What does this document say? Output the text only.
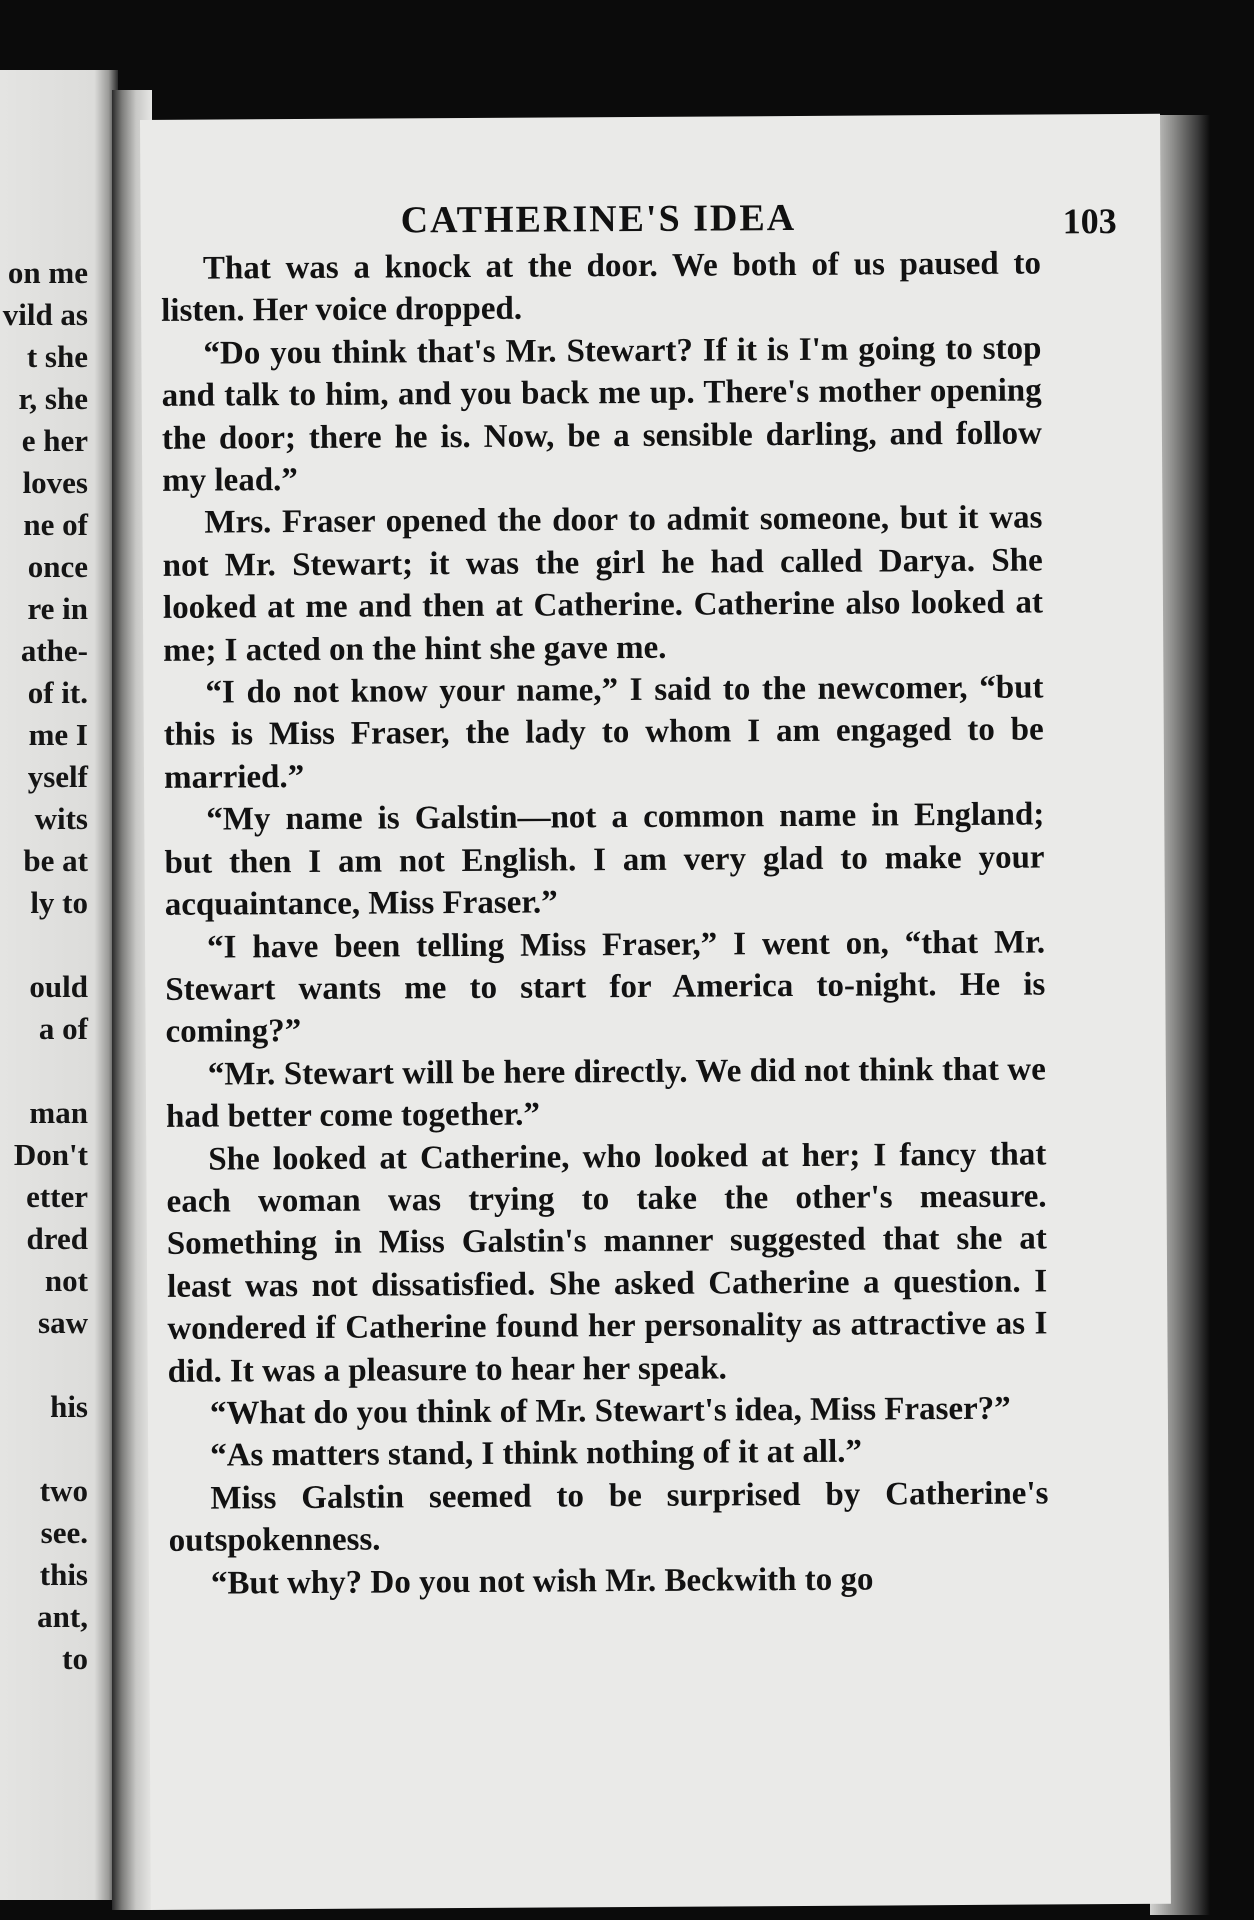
on me
vild as
t she
r, she
e her
loves
ne of
once
re in
athe-
of it.
me I
yself
wits
be at
ly to
ould
a of
man
Don't
etter
dred
not
saw
his
two
see.
this
ant,
to
CATHERINE'S IDEA	103

That was a knock at the door. We both of us paused to listen. Her voice dropped.

“Do you think that's Mr. Stewart? If it is I'm going to stop and talk to him, and you back me up. There's mother opening the door; there he is. Now, be a sensible darling, and follow my lead.”

Mrs. Fraser opened the door to admit someone, but it was not Mr. Stewart; it was the girl he had called Darya. She looked at me and then at Catherine. Catherine also looked at me; I acted on the hint she gave me.

“I do not know your name,” I said to the newcomer, “but this is Miss Fraser, the lady to whom I am engaged to be married.”

“My name is Galstin—not a common name in England; but then I am not English. I am very glad to make your acquaintance, Miss Fraser.”

“I have been telling Miss Fraser,” I went on, “that Mr. Stewart wants me to start for America to-night. He is coming?”

“Mr. Stewart will be here directly. We did not think that we had better come together.”

She looked at Catherine, who looked at her; I fancy that each woman was trying to take the other's measure. Something in Miss Galstin's manner suggested that she at least was not dissatisfied. She asked Catherine a question. I wondered if Catherine found her personality as attractive as I did. It was a pleasure to hear her speak.

“What do you think of Mr. Stewart's idea, Miss Fraser?”

“As matters stand, I think nothing of it at all.”

Miss Galstin seemed to be surprised by Catherine's outspokenness.

“But why? Do you not wish Mr. Beckwith to go
